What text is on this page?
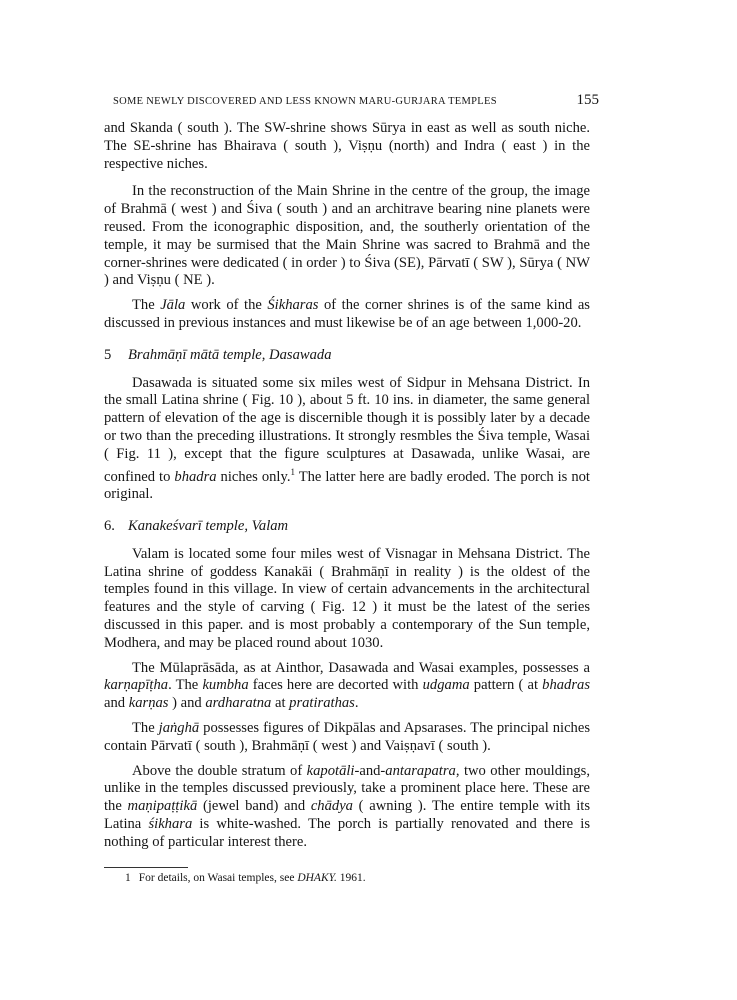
SOME NEWLY DISCOVERED AND LESS KNOWN MARU-GURJARA TEMPLES	155

and Skanda ( south ). The SW-shrine shows Sūrya in east as well as south niche. The SE-shrine has Bhairava ( south ), Viṣṇu (north) and Indra ( east ) in the respective niches.

In the reconstruction of the Main Shrine in the centre of the group, the image of Brahmā ( west ) and Śiva ( south ) and an architrave bearing nine planets were reused. From the iconographic disposition, and, the southerly orientation of the temple, it may be surmised that the Main Shrine was sacred to Brahmā and the corner-shrines were dedicated ( in order ) to Śiva (SE), Pārvatī ( SW ), Sūrya ( NW ) and Viṣṇu ( NE ).

The Jāla work of the Śikharas of the corner shrines is of the same kind as discussed in previous instances and must likewise be of an age between 1,000-20.

5 Brahmāṇī mātā temple, Dasawada

Dasawada is situated some six miles west of Sidpur in Mehsana District. In the small Latina shrine ( Fig. 10 ), about 5 ft. 10 ins. in diameter, the same general pattern of elevation of the age is discernible though it is possibly later by a decade or two than the preceding illustrations. It strongly resmbles the Śiva temple, Wasai ( Fig. 11 ), except that the figure sculptures at Dasawada, unlike Wasai, are confined to bhadra niches only.$^1$ The latter here are badly eroded. The porch is not original.

6. Kanakeśvarī temple, Valam

Valam is located some four miles west of Visnagar in Mehsana District. The Latina shrine of goddess Kanakāi ( Brahmāṇī in reality ) is the oldest of the temples found in this village. In view of certain advancements in the architectural features and the style of carving ( Fig. 12 ) it must be the latest of the series discussed in this paper. and is most probably a contemporary of the Sun temple, Modhera, and may be placed round about 1030.

The Mūlaprāsāda, as at Ainthor, Dasawada and Wasai examples, possesses a karṇapīṭha. The kumbha faces here are decorted with udgama pattern ( at bhadras and karṇas ) and ardharatna at pratirathas.

The jaṅghā possesses figures of Dikpālas and Apsarases. The principal niches contain Pārvatī ( south ), Brahmāṇī ( west ) and Vaiṣṇavī ( south ).

Above the double stratum of kapotāli-and-antarapatra, two other mouldings, unlike in the temples discussed previously, take a prominent place here. These are the maṇipaṭṭikā (jewel band) and chādya ( awning ). The entire temple with its Latina śikhara is white-washed. The porch is partially renovated and there is nothing of particular interest there.

1 For details, on Wasai temples, see DHAKY. 1961.
